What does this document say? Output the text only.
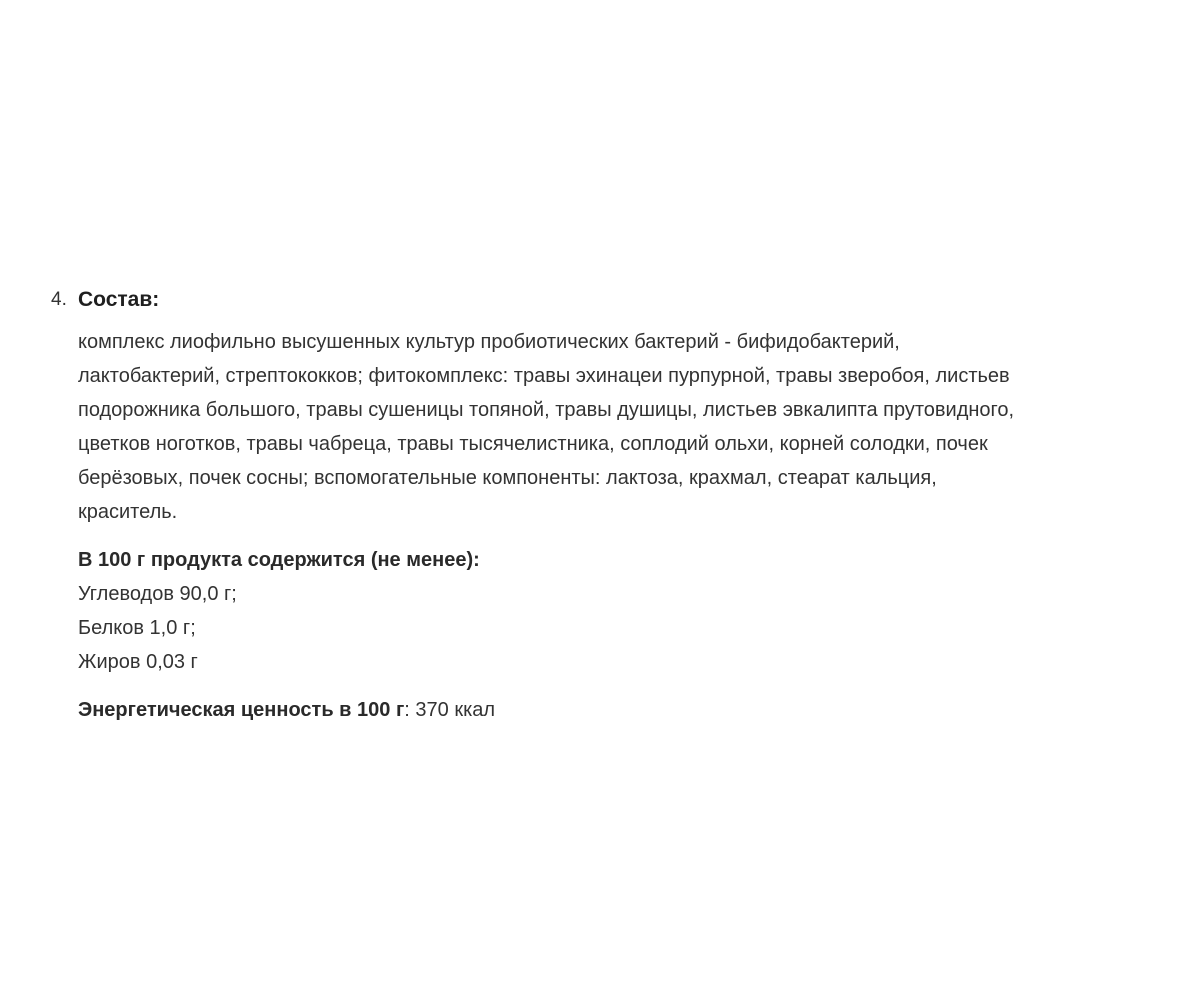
4. Состав:
комплекс лиофильно высушенных культур пробиотических бактерий - бифидобактерий,
лактобактерий, стрептококков; фитокомплекс: травы эхинацеи пурпурной, травы зверобоя, листьев
подорожника большого, травы сушеницы топяной, травы душицы, листьев эвкалипта прутовидного,
цветков ноготков, травы чабреца, травы тысячелистника, соплодий ольхи, корней солодки, почек
берёзовых, почек сосны; вспомогательные компоненты: лактоза, крахмал, стеарат кальция,
краситель.
В 100 г продукта содержится (не менее):
Углеводов 90,0 г;
Белков 1,0 г;
Жиров 0,03 г
Энергетическая ценность в 100 г: 370 ккал
